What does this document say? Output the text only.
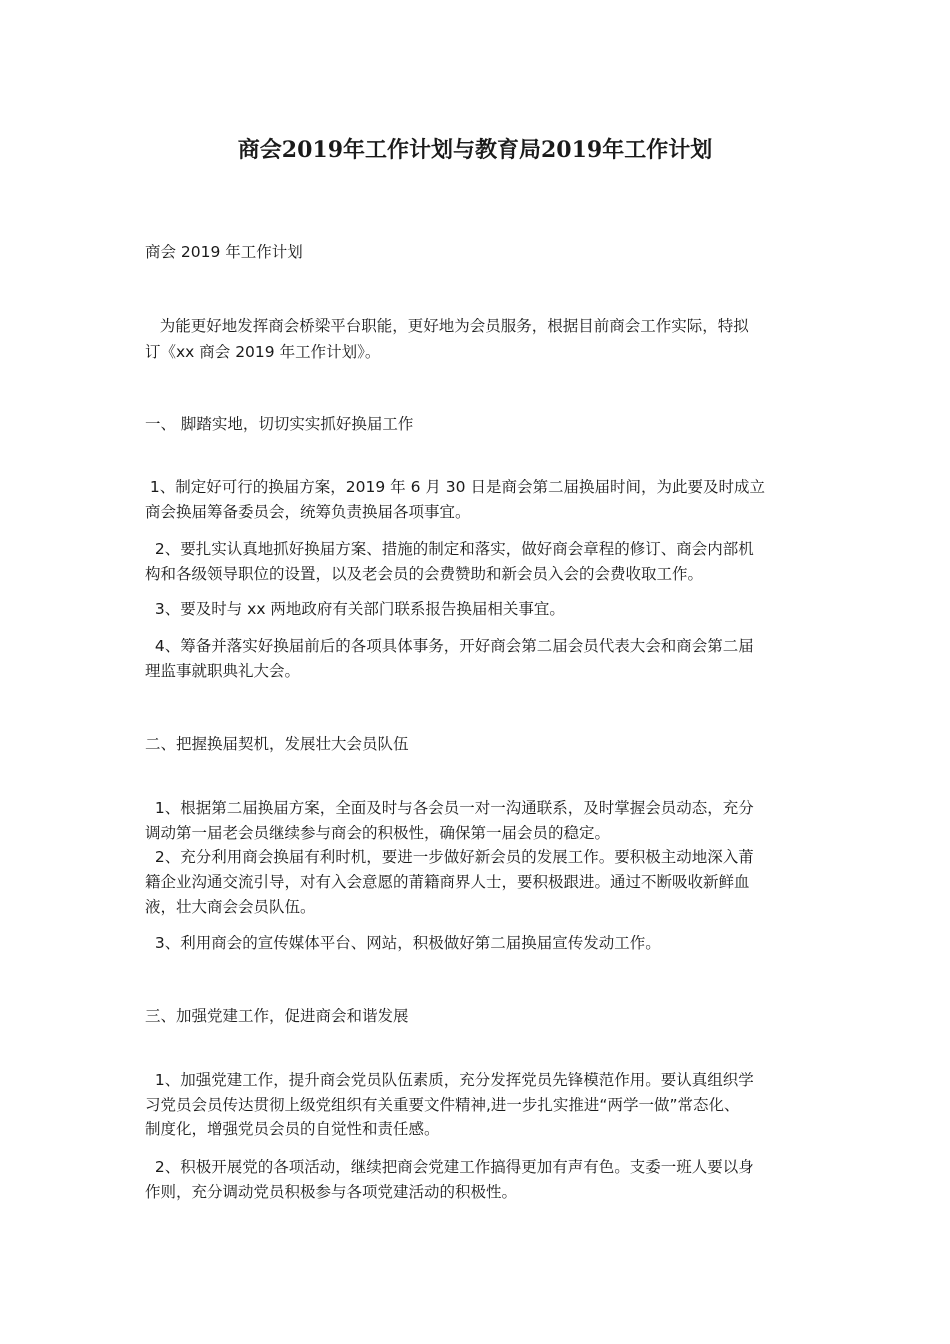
商会2019年工作计划与教育局2019年工作计划
商会 2019 年工作计划
为能更好地发挥商会桥梁平台职能，更好地为会员服务，根据目前商会工作实际，特拟
订《xx 商会 2019 年工作计划》。
一、 脚踏实地，切切实实抓好换届工作
1、制定好可行的换届方案，2019 年 6 月 30 日是商会第二届换届时间，为此要及时成立
商会换届筹备委员会，统筹负责换届各项事宜。
2、要扎实认真地抓好换届方案、措施的制定和落实，做好商会章程的修订、商会内部机
构和各级领导职位的设置，以及老会员的会费赞助和新会员入会的会费收取工作。
3、要及时与 xx 两地政府有关部门联系报告换届相关事宜。
4、筹备并落实好换届前后的各项具体事务，开好商会第二届会员代表大会和商会第二届
理监事就职典礼大会。
二、把握换届契机，发展壮大会员队伍
1、根据第二届换届方案，全面及时与各会员一对一沟通联系，及时掌握会员动态，充分
调动第一届老会员继续参与商会的积极性，确保第一届会员的稳定。
2、充分利用商会换届有利时机，要进一步做好新会员的发展工作。要积极主动地深入莆
籍企业沟通交流引导，对有入会意愿的莆籍商界人士，要积极跟进。通过不断吸收新鲜血
液，壮大商会会员队伍。
3、利用商会的宣传媒体平台、网站，积极做好第二届换届宣传发动工作。
三、加强党建工作，促进商会和谐发展
1、加强党建工作，提升商会党员队伍素质，充分发挥党员先锋模范作用。要认真组织学
习党员会员传达贯彻上级党组织有关重要文件精神,进一步扎实推进“两学一做”常态化、
制度化，增强党员会员的自觉性和责任感。
2、积极开展党的各项活动，继续把商会党建工作搞得更加有声有色。支委一班人要以身
作则，充分调动党员积极参与各项党建活动的积极性。
